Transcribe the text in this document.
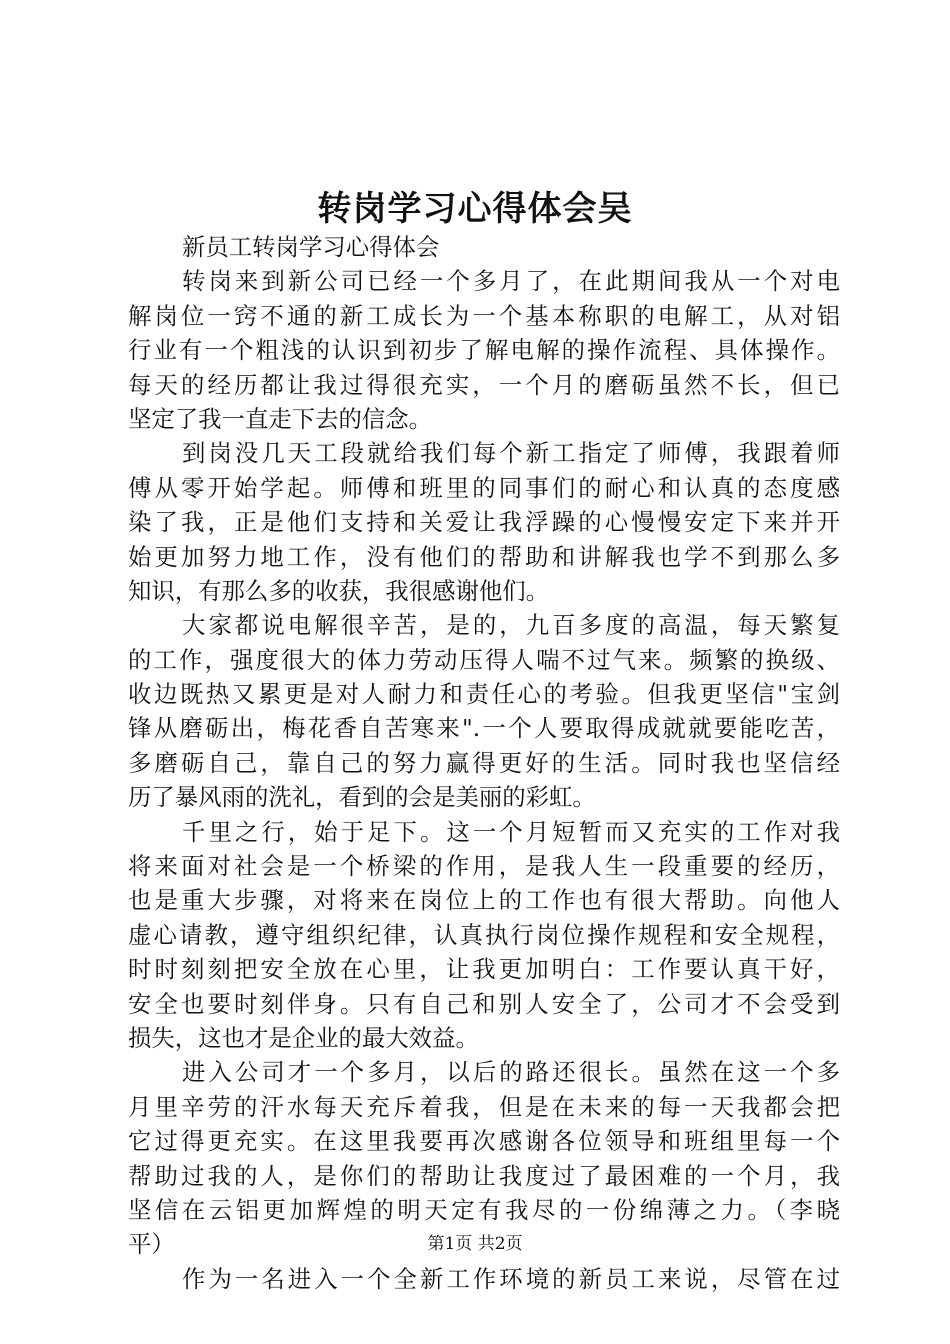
转岗学习心得体会吴
新员工转岗学习心得体会
转岗来到新公司已经一个多月了，在此期间我从一个对电
解岗位一窍不通的新工成长为一个基本称职的电解工，从对铝
行业有一个粗浅的认识到初步了解电解的操作流程、具体操作。
每天的经历都让我过得很充实，一个月的磨砺虽然不长，但已
坚定了我一直走下去的信念。
到岗没几天工段就给我们每个新工指定了师傅，我跟着师
傅从零开始学起。师傅和班里的同事们的耐心和认真的态度感
染了我，正是他们支持和关爱让我浮躁的心慢慢安定下来并开
始更加努力地工作，没有他们的帮助和讲解我也学不到那么多
知识，有那么多的收获，我很感谢他们。
大家都说电解很辛苦，是的，九百多度的高温，每天繁复
的工作，强度很大的体力劳动压得人喘不过气来。频繁的换级、
收边既热又累更是对人耐力和责任心的考验。但我更坚信"宝剑
锋从磨砺出，梅花香自苦寒来".一个人要取得成就就要能吃苦，
多磨砺自己，靠自己的努力赢得更好的生活。同时我也坚信经
历了暴风雨的洗礼，看到的会是美丽的彩虹。
千里之行，始于足下。这一个月短暂而又充实的工作对我
将来面对社会是一个桥梁的作用，是我人生一段重要的经历，
也是重大步骤，对将来在岗位上的工作也有很大帮助。向他人
虚心请教，遵守组织纪律，认真执行岗位操作规程和安全规程，
时时刻刻把安全放在心里，让我更加明白：工作要认真干好，
安全也要时刻伴身。只有自己和别人安全了，公司才不会受到
损失，这也才是企业的最大效益。
进入公司才一个多月，以后的路还很长。虽然在这一个多
月里辛劳的汗水每天充斥着我，但是在未来的每一天我都会把
它过得更充实。在这里我要再次感谢各位领导和班组里每一个
帮助过我的人，是你们的帮助让我度过了最困难的一个月，我
坚信在云铝更加辉煌的明天定有我尽的一份绵薄之力。（李晓
平）
作为一名进入一个全新工作环境的新员工来说，尽管在过
第1页 共2页
